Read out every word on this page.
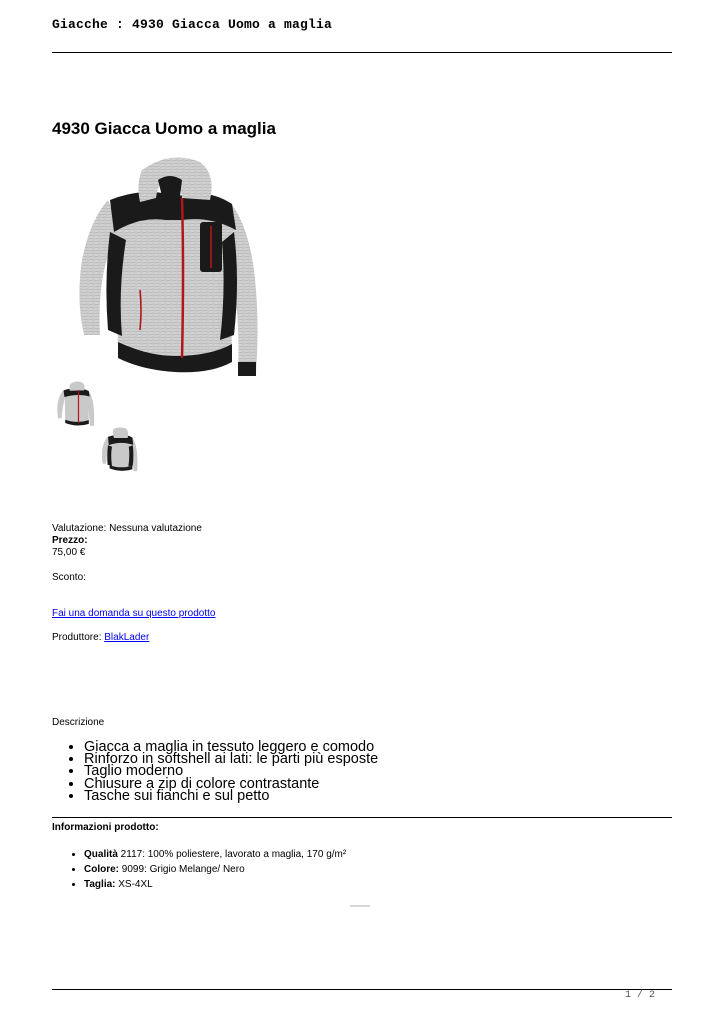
Giacche : 4930 Giacca Uomo a maglia
4930 Giacca Uomo a maglia
Valutazione: Nessuna valutazione
Prezzo:
75,00 €
Sconto:
Fai una domanda su questo prodotto
Produttore: BlakLader
Descrizione
• Giacca a maglia in tessuto leggero e comodo
• Rinforzo in softshell ai lati: le parti più esposte
• Taglio moderno
• Chiusure a zip di colore contrastante
• Tasche sui fianchi e sul petto
Informazioni prodotto:
• Qualità 2117: 100% poliestere, lavorato a maglia, 170 g/m²
• Colore: 9099: Grigio Melange/ Nero
• Taglia: XS-4XL
1 / 2
